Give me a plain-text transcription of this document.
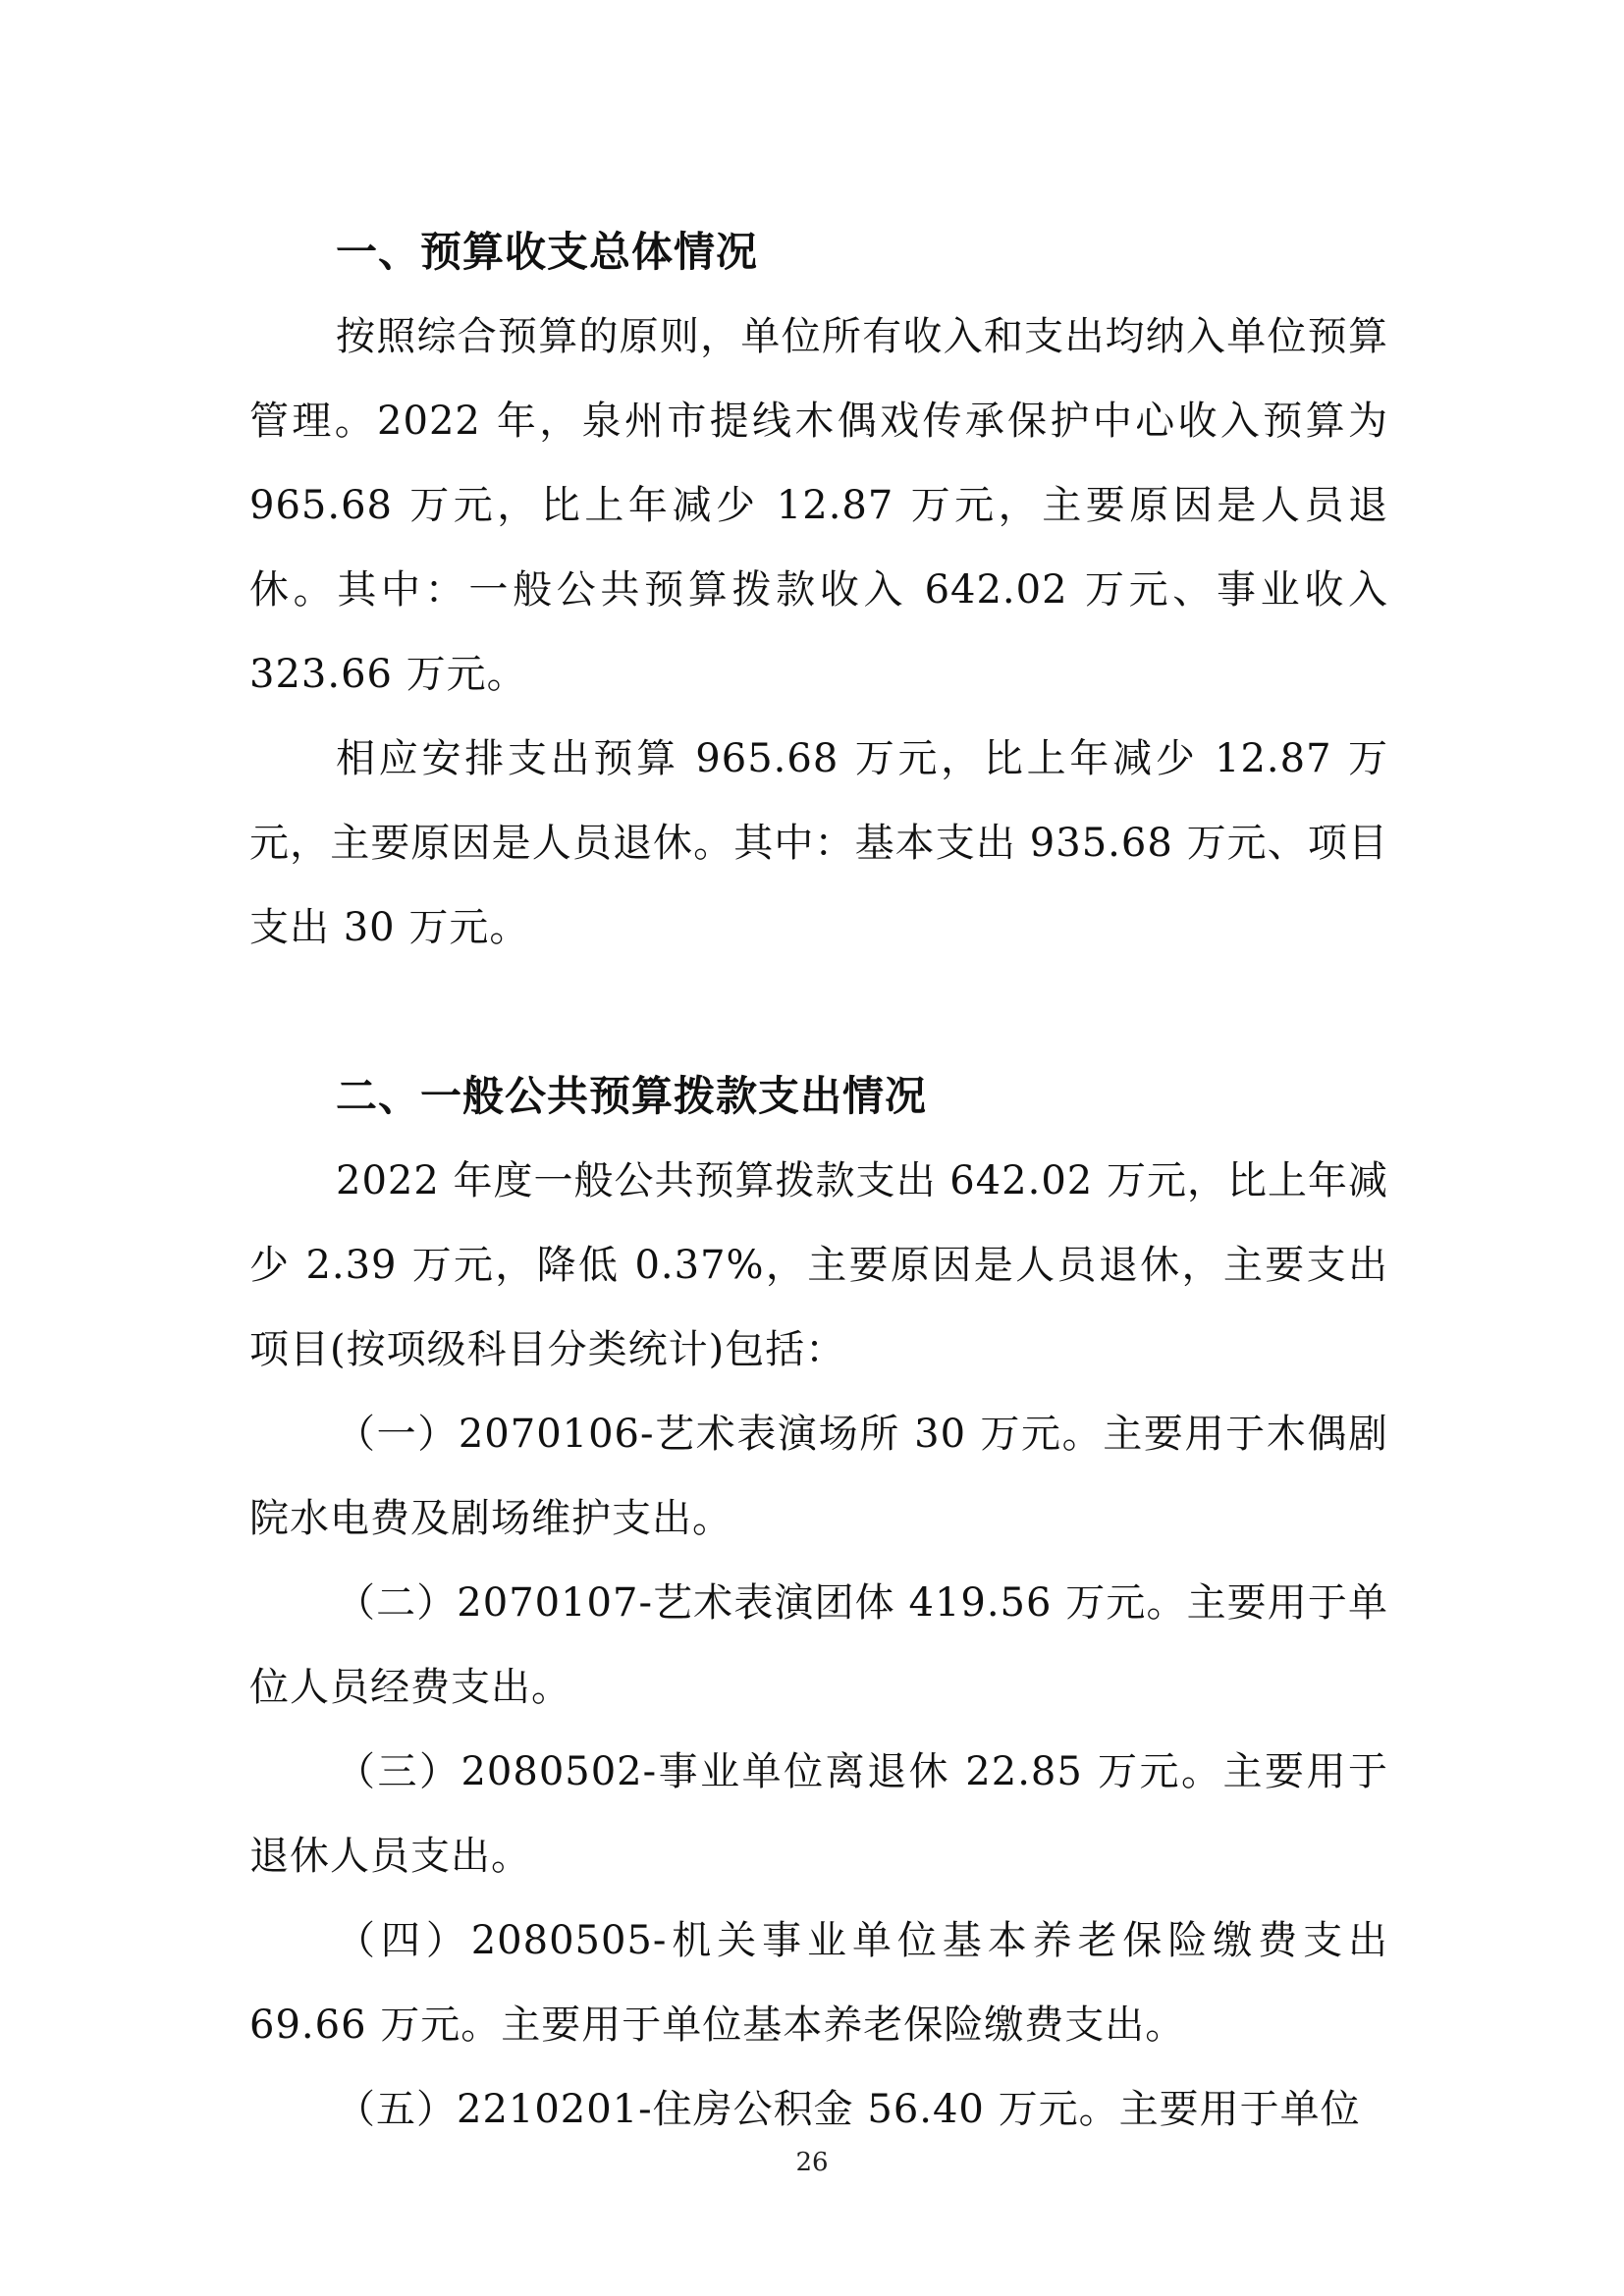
一、预算收支总体情况

按照综合预算的原则，单位所有收入和支出均纳入单位预算管理。2022 年，泉州市提线木偶戏传承保护中心收入预算为 965.68 万元，比上年减少 12.87 万元，主要原因是人员退休。其中：一般公共预算拨款收入 642.02 万元、事业收入 323.66 万元。

相应安排支出预算 965.68 万元，比上年减少 12.87 万元，主要原因是人员退休。其中：基本支出 935.68 万元、项目支出 30 万元。

二、一般公共预算拨款支出情况

2022 年度一般公共预算拨款支出 642.02 万元，比上年减少 2.39 万元，降低 0.37%，主要原因是人员退休，主要支出项目(按项级科目分类统计)包括：

（一）2070106-艺术表演场所 30 万元。主要用于木偶剧院水电费及剧场维护支出。

（二）2070107-艺术表演团体 419.56 万元。主要用于单位人员经费支出。

（三）2080502-事业单位离退休 22.85 万元。主要用于退休人员支出。

（四）2080505-机关事业单位基本养老保险缴费支出 69.66 万元。主要用于单位基本养老保险缴费支出。

（五）2210201-住房公积金 56.40 万元。主要用于单位

26
